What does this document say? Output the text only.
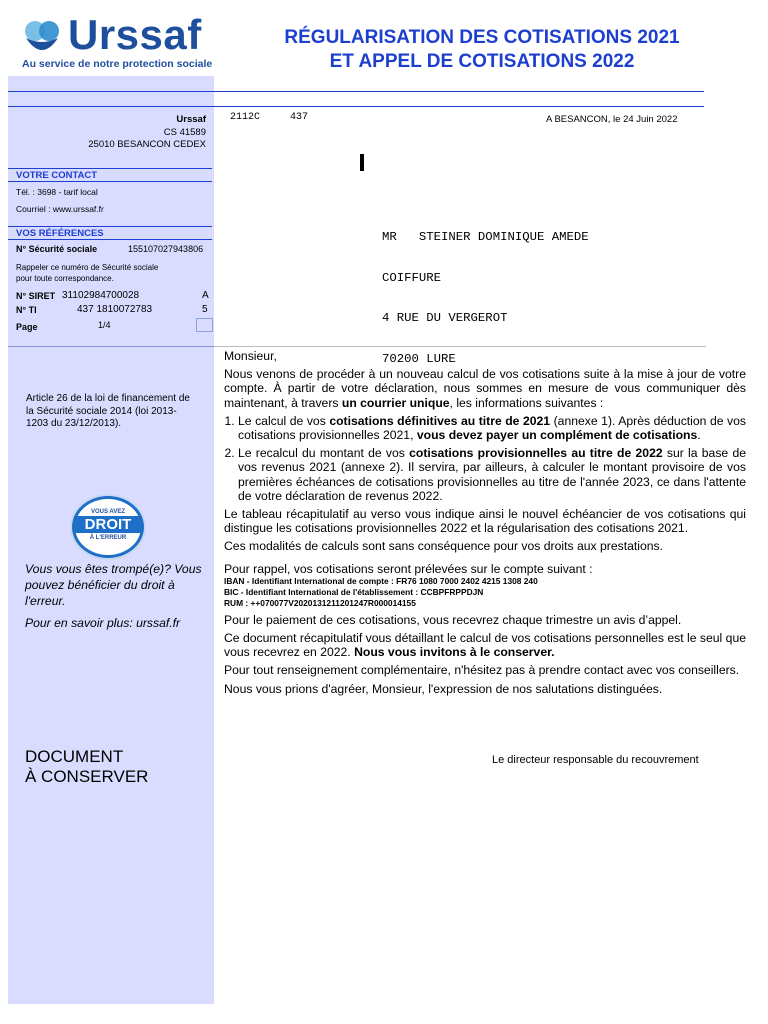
Urssaf
Au service de notre protection sociale
RÉGULARISATION DES COTISATIONS 2021
ET APPEL DE COTISATIONS 2022
Urssaf
CS 41589
25010 BESANCON CEDEX
2112C	437	A BESANCON, le 24 Juin 2022
VOTRE CONTACT
Tél. : 3698 - tarif local
Courriel : www.urssaf.fr
VOS RÉFÉRENCES
N° Sécurité sociale	155107027943806
Rappeler ce numéro de Sécurité sociale
pour toute correspondance.
N° SIRET 31102984700028	A
N° TI	437 1810072783	5
Page	1/4

MR   STEINER DOMINIQUE AMEDE

COIFFURE

4 RUE DU VERGEROT

70200 LURE

Article 26 de la loi de financement de la Sécurité sociale 2014 (loi 2013-1203 du 23/12/2013).
VOUS AVEZ
DROIT
À L'ERREUR
Vous vous êtes trompé(e)? Vous pouvez bénéficier du droit à l'erreur.
Pour en savoir plus: urssaf.fr
DOCUMENT
À CONSERVER

Monsieur,

Nous venons de procéder à un nouveau calcul de vos cotisations suite à la mise à jour de votre compte. À partir de votre déclaration, nous sommes en mesure de vous communiquer dès maintenant, à travers un courrier unique, les informations suivantes :

1. Le calcul de vos cotisations définitives au titre de 2021 (annexe 1). Après déduction de vos cotisations provisionnelles 2021, vous devez payer un complément de cotisations.
2. Le recalcul du montant de vos cotisations provisionnelles au titre de 2022 sur la base de vos revenus 2021 (annexe 2). Il servira, par ailleurs, à calculer le montant provisoire de vos premières échéances de cotisations provisionnelles au titre de l'année 2023, ce dans l'attente de votre déclaration de revenus 2022.

Le tableau récapitulatif au verso vous indique ainsi le nouvel échéancier de vos cotisations qui distingue les cotisations provisionnelles 2022 et la régularisation des cotisations 2021.

Ces modalités de calculs sont sans conséquence pour vos droits aux prestations.

Pour rappel, vos cotisations seront prélevées sur le compte suivant :

IBAN - Identifiant International de compte : FR76 1080 7000 2402 4215 1308 240
BIC - Identifiant International de l'établissement : CCBPFRPPDJN
RUM : ++070077V2020131211201247R000014155

Pour le paiement de ces cotisations, vous recevrez chaque trimestre un avis d’appel.

Ce document récapitulatif vous détaillant le calcul de vos cotisations personnelles est le seul que vous recevrez en 2022. Nous vous invitons à le conserver.

Pour tout renseignement complémentaire, n'hésitez pas à prendre contact avec vos conseillers.

Nous vous prions d'agréer, Monsieur, l'expression de nos salutations distinguées.

Le directeur responsable du recouvrement
